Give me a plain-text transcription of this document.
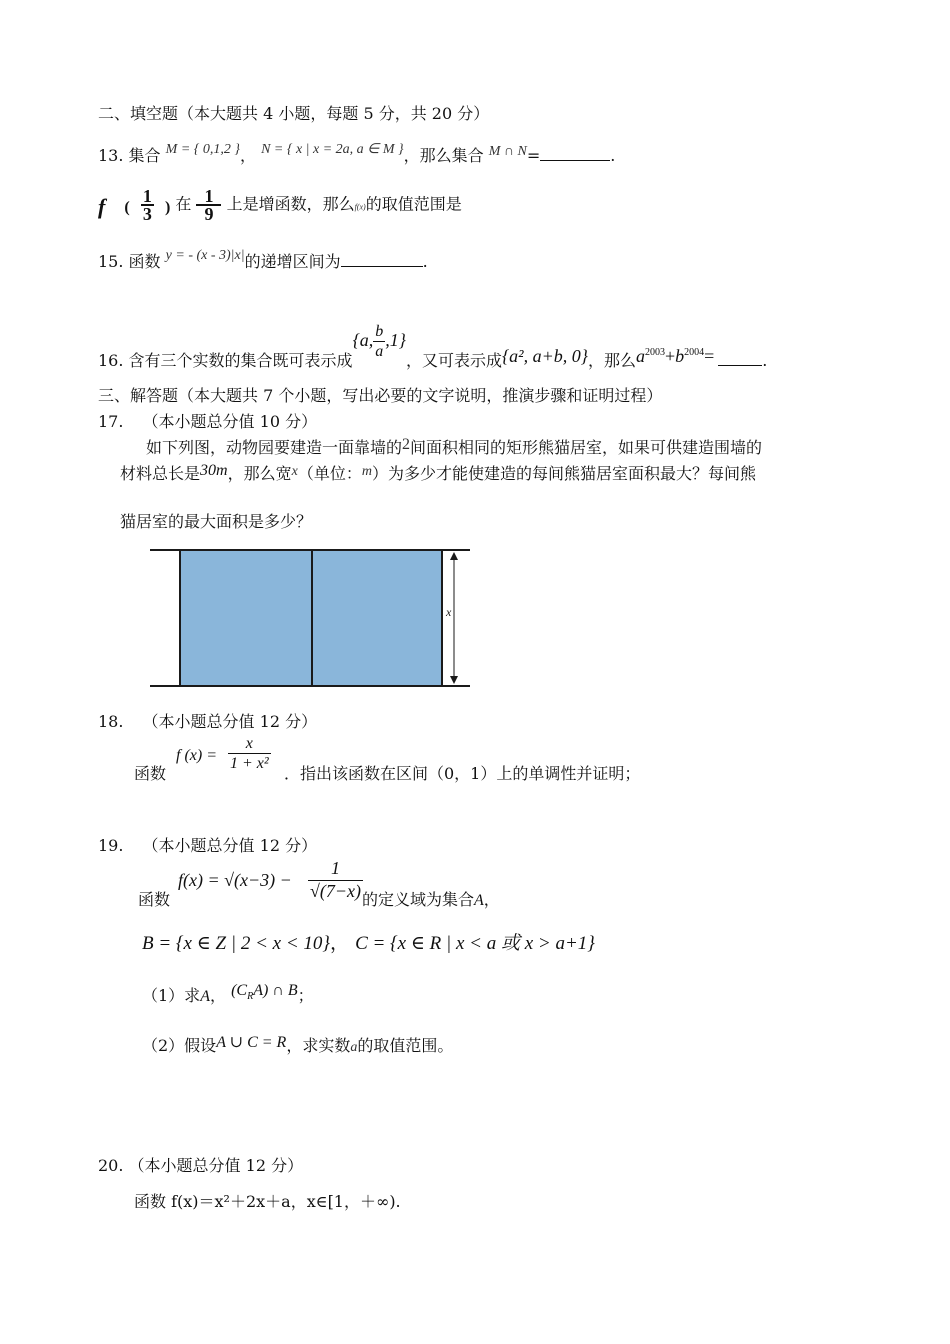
二、填空题（本大题共 4 小题，每题 5 分，共 20 分）
13. 集合 M = { 0,1,2 }， N = { x | x = 2a, a ∈ M }，那么集合 M ∩ N=	.
f ( $\frac{1}{3}$ ) 在 $\frac{1}{9}$ 上是增函数，那么f(x)的取值范围是
15. 函数 y = - (x - 3)|x|的递增区间为	.
16. 含有三个实数的集合既可表示成{a, $\frac{b}{a} ,1$}，又可表示成{a², a+b, 0}，那么$a^{2003}+b^{2004}=$	.
三、解答题（本大题共 7 个小题，写出必要的文字说明，推演步骤和证明过程）
17. （本小题总分值 10 分）
如下列图，动物园要建造一面靠墙的2间面积相同的矩形熊猫居室，如果可供建造围墙的
材料总长是30m，那么宽x（单位：m）为多少才能使建造的每间熊猫居室面积最大？每间熊
猫居室的最大面积是多少？
x
18. （本小题总分值 12 分）
函数
f $(x) = \frac{x}{\text{1 + x²}}$
．指出该函数在区间（0，1）上的单调性并证明；
19. （本小题总分值 12 分）
函数
$f(x) = √(x-3) - \frac{1}{√(7-x)}$
的定义域为集合A，
B = {x ∈ Z | 2 < x < 10}， C = {x ∈ R | x < a 或 x > a+1}
（1）求A， $(C_RA)$ ∩ B；
（2）假设A ∪ C = R，求实数a的取值范围。
20. （本小题总分值 12 分）
函数 f(x)＝x²＋2x＋a，x∈[1，＋∞).
